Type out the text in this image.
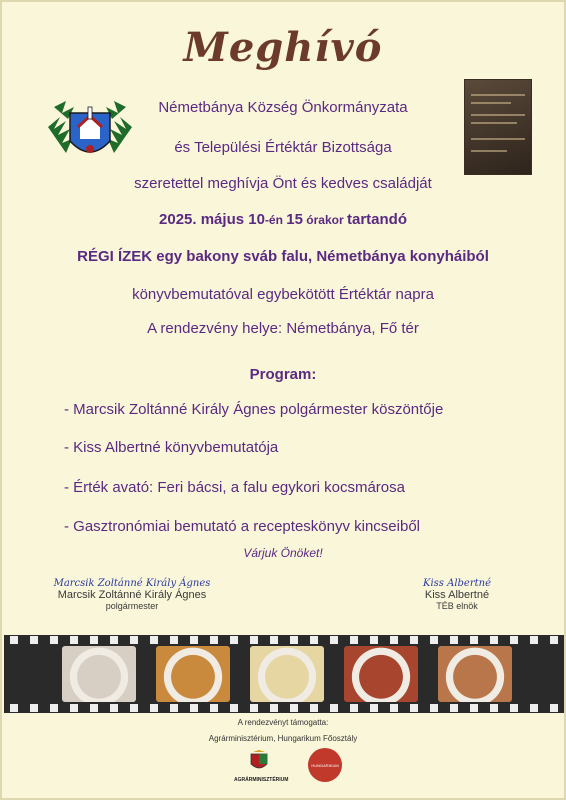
Meghívó
Németbánya Község Önkormányzata
és Települési Értéktár Bizottsága
szeretettel meghívja Önt és kedves családját
2025. május 10-én 15 órakor tartandó
RÉGI ÍZEK egy bakony sváb falu, Németbánya konyháiból
könyvbemutatóval egybekötött Értéktár napra
A rendezvény helye: Németbánya, Fő tér
Program:
- Marcsik Zoltánné Király Ágnes polgármester köszöntője
- Kiss Albertné könyvbemutatója
- Érték avató: Feri bácsi, a falu egykori kocsmárosa
- Gasztronómiai bemutató a recepteskönyv kincseiből
Várjuk Önöket!
Marcsik Zoltánné Király Ágnes
Marcsik Zoltánné Király Ágnes
polgármester
Kiss Albertné
Kiss Albertné
TÉB elnök
A rendezvényt támogatta:
Agrárminisztérium, Hungarikum Főosztály
AGRÁRMINISZTÉRIUM
HUNGARIKUM
